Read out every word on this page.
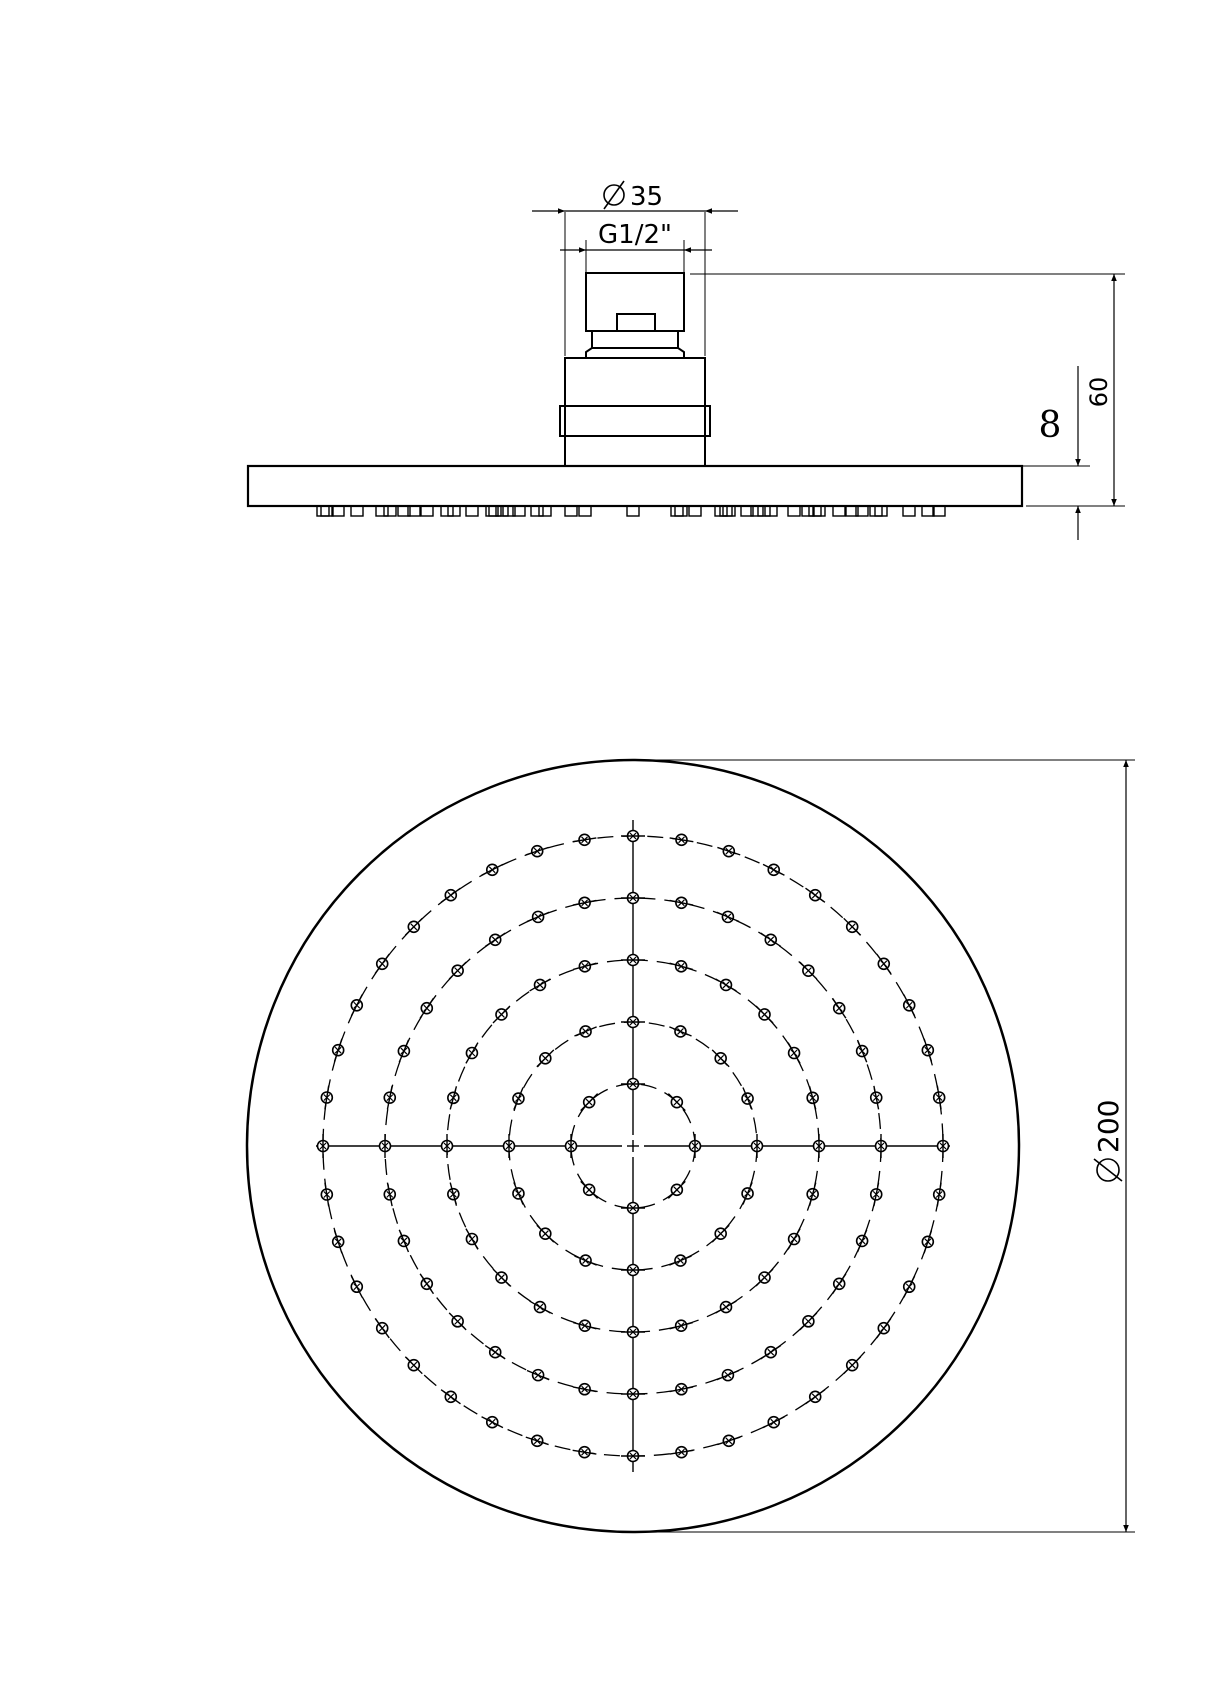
35
G1/2"
60
8
200
